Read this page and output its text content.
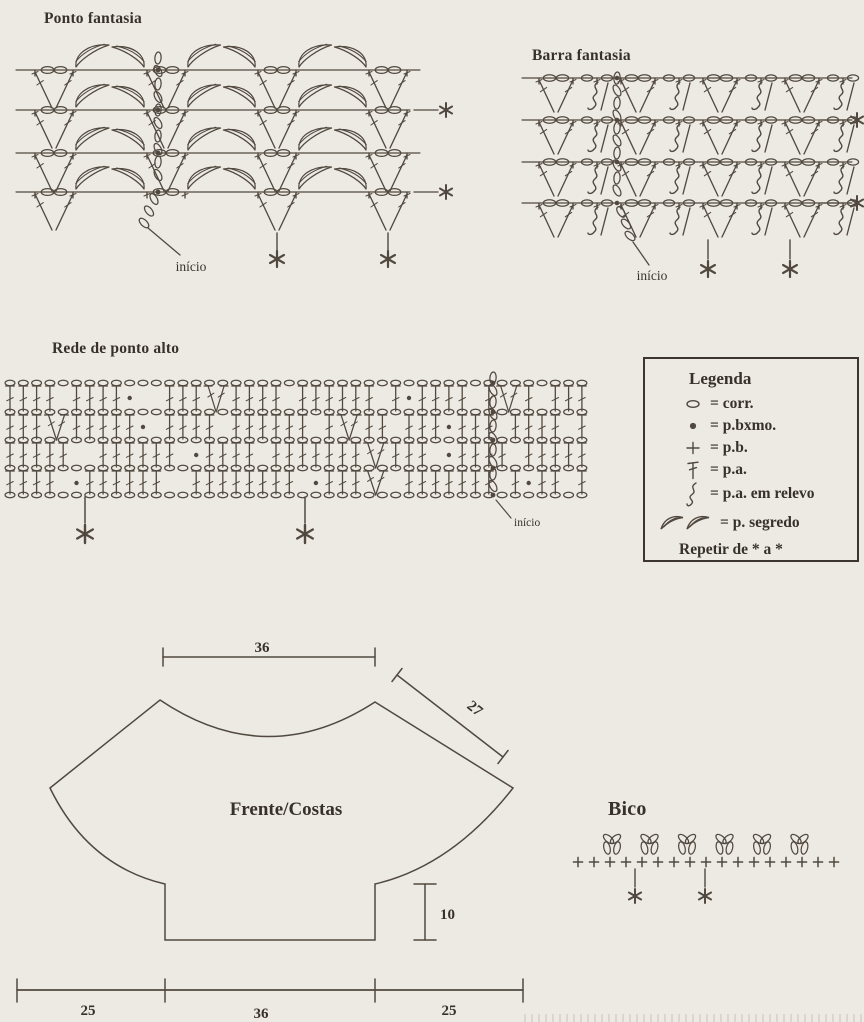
Ponto fantasia
início
Barra fantasia
início
Rede de ponto alto
início
Legenda
= corr.
= p.bxmo.
= p.b.
= p.a.
= p.a. em relevo
= p. segredo
Repetir de * a *
36
27
10
25	36	25
Frente/Costas	Bico
